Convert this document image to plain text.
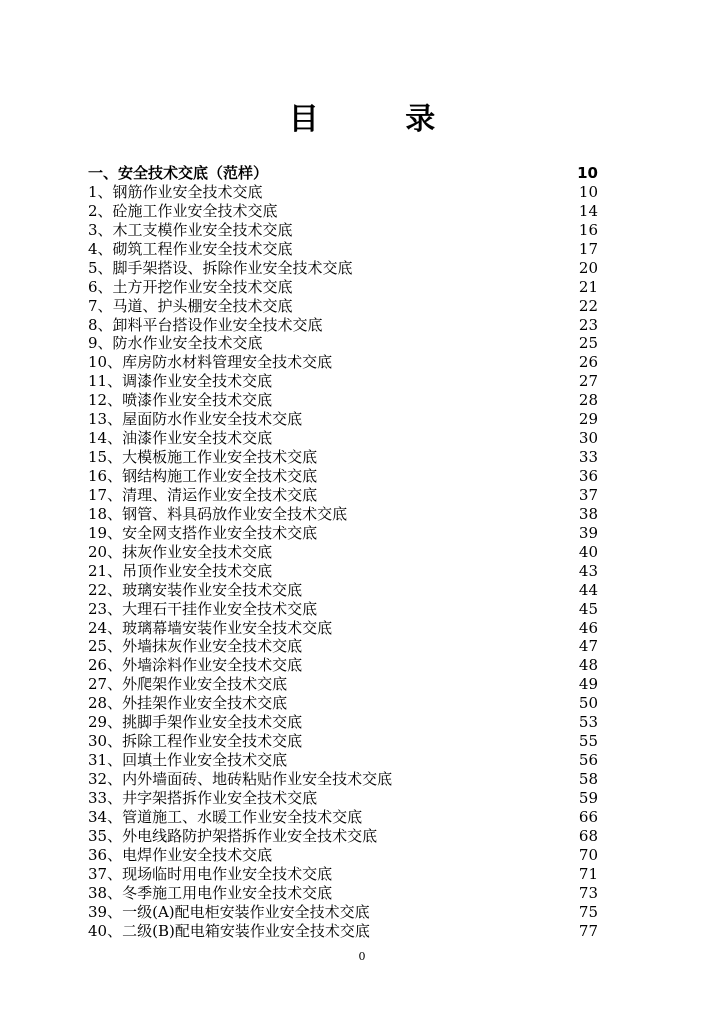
目 录
一、安全技术交底（范样）	10
1、钢筋作业安全技术交底	10
2、砼施工作业安全技术交底	14
3、木工支模作业安全技术交底	16
4、砌筑工程作业安全技术交底	17
5、脚手架搭设、拆除作业安全技术交底	20
6、土方开挖作业安全技术交底	21
7、马道、护头棚安全技术交底	22
8、卸料平台搭设作业安全技术交底	23
9、防水作业安全技术交底	25
10、库房防水材料管理安全技术交底	26
11、调漆作业安全技术交底	27
12、喷漆作业安全技术交底	28
13、屋面防水作业安全技术交底	29
14、油漆作业安全技术交底	30
15、大模板施工作业安全技术交底	33
16、钢结构施工作业安全技术交底	36
17、清理、清运作业安全技术交底	37
18、钢管、料具码放作业安全技术交底	38
19、安全网支搭作业安全技术交底	39
20、抹灰作业安全技术交底	40
21、吊顶作业安全技术交底	43
22、玻璃安装作业安全技术交底	44
23、大理石干挂作业安全技术交底	45
24、玻璃幕墙安装作业安全技术交底	46
25、外墙抹灰作业安全技术交底	47
26、外墙涂料作业安全技术交底	48
27、外爬架作业安全技术交底	49
28、外挂架作业安全技术交底	50
29、挑脚手架作业安全技术交底	53
30、拆除工程作业安全技术交底	55
31、回填土作业安全技术交底	56
32、内外墙面砖、地砖粘贴作业安全技术交底	58
33、井字架搭拆作业安全技术交底	59
34、管道施工、水暖工作业安全技术交底	66
35、外电线路防护架搭拆作业安全技术交底	68
36、电焊作业安全技术交底	70
37、现场临时用电作业安全技术交底	71
38、冬季施工用电作业安全技术交底	73
39、一级(A)配电柜安装作业安全技术交底	75
40、二级(B)配电箱安装作业安全技术交底	77
0
